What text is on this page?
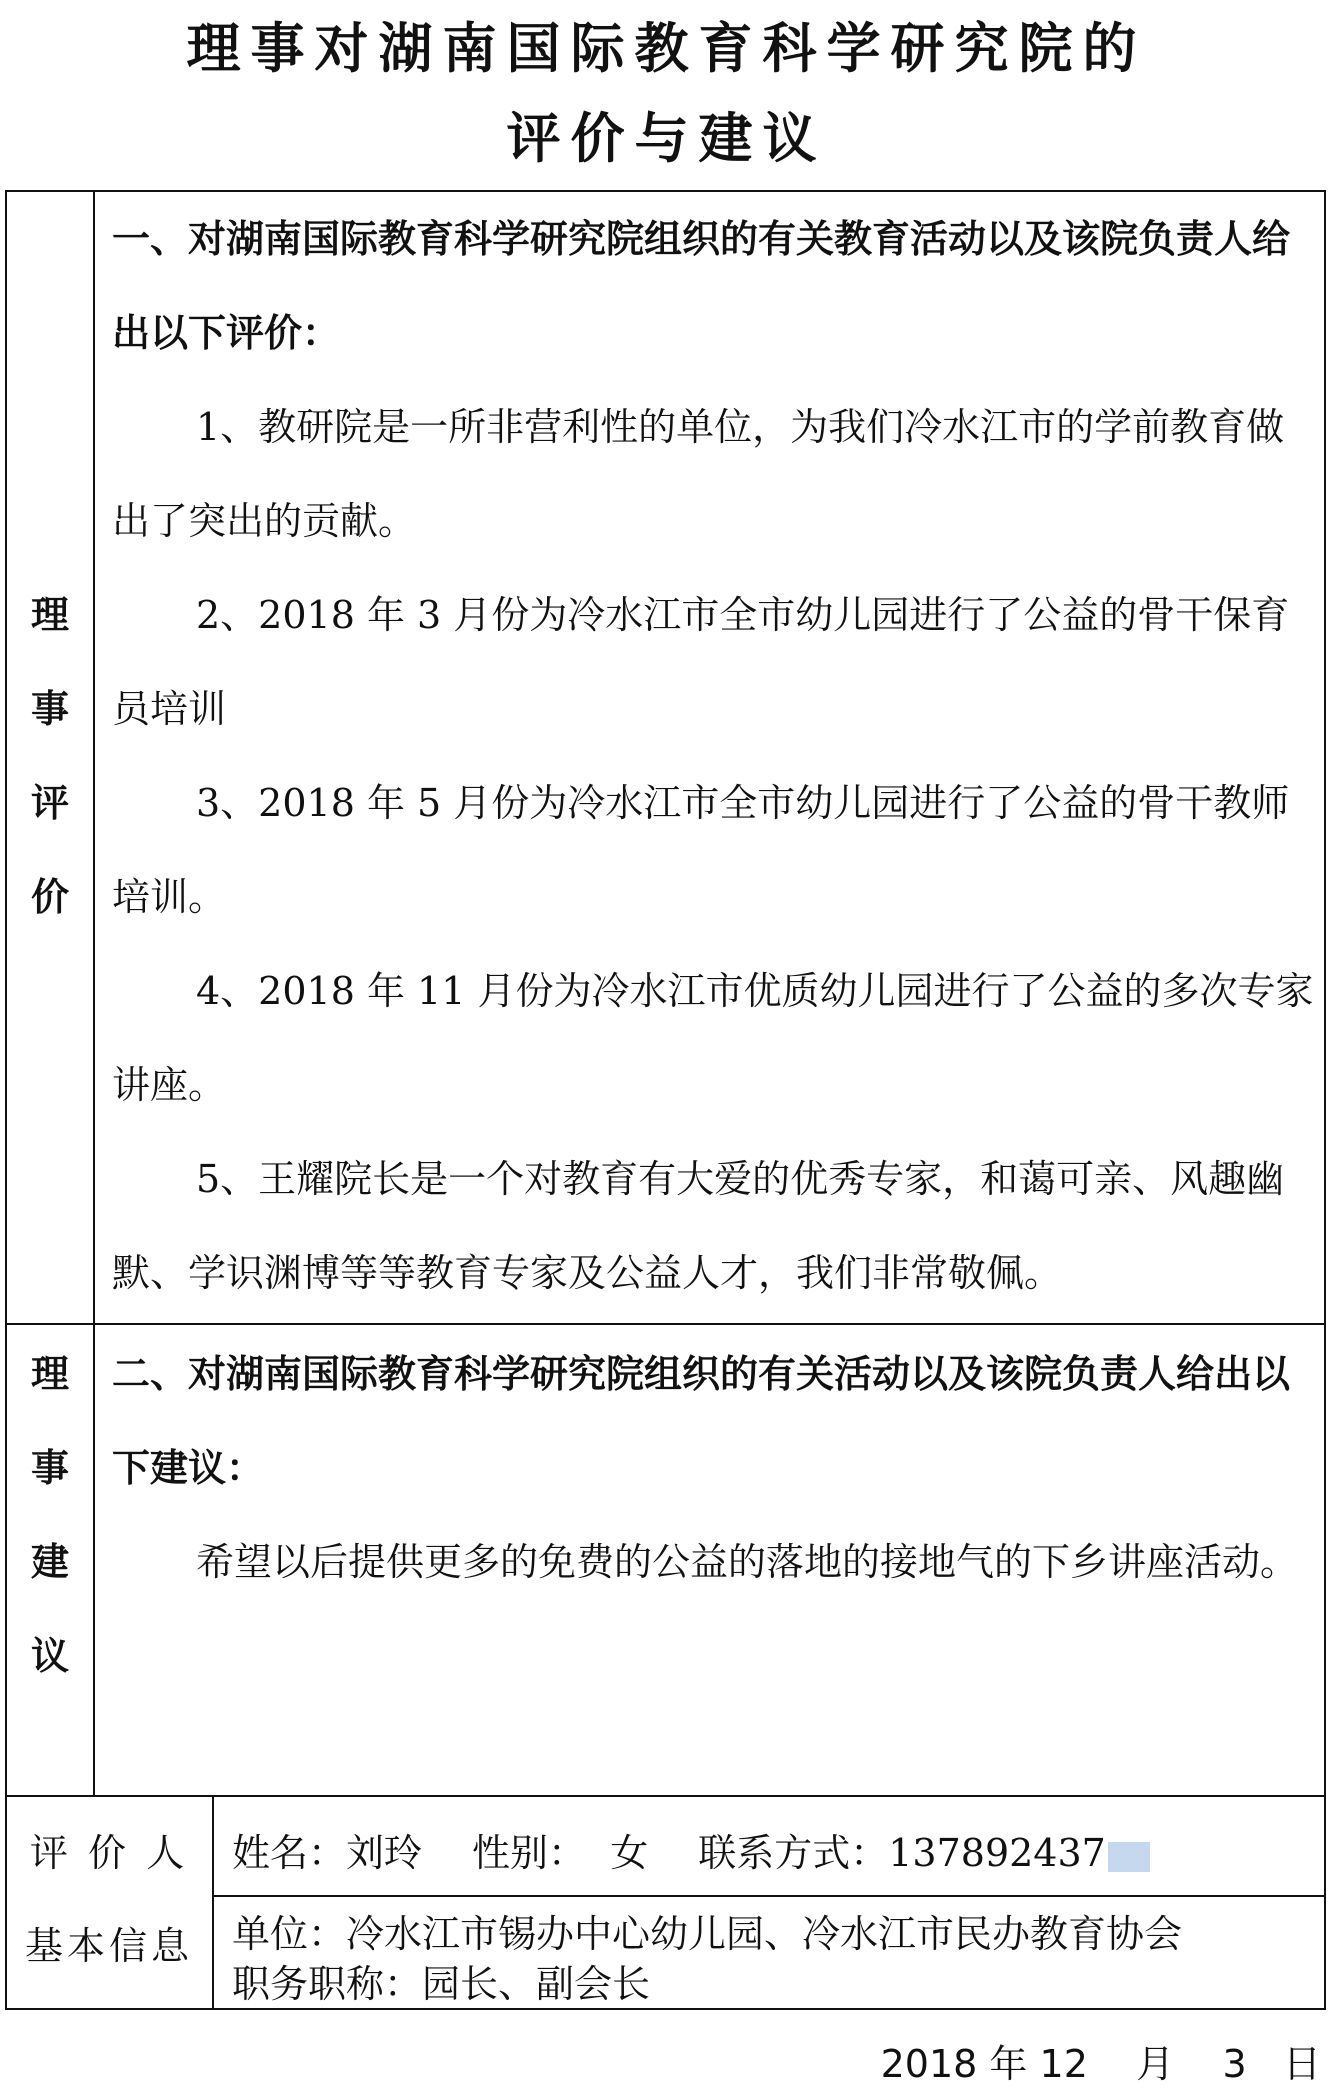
理事对湖南国际教育科学研究院的
评价与建议
理
事
评
价

一、对湖南国际教育科学研究院组织的有关教育活动以及该院负责人给出以下评价：

1、教研院是一所非营利性的单位，为我们冷水江市的学前教育做出了突出的贡献。

2、2018 年 3 月份为冷水江市全市幼儿园进行了公益的骨干保育员培训

3、2018 年 5 月份为冷水江市全市幼儿园进行了公益的骨干教师培训。

4、2018 年 11 月份为冷水江市优质幼儿园进行了公益的多次专家讲座。

5、王耀院长是一个对教育有大爱的优秀专家，和蔼可亲、风趣幽默、学识渊博等等教育专家及公益人才，我们非常敬佩。

理
事
建
议

二、对湖南国际教育科学研究院组织的有关活动以及该院负责人给出以下建议：

希望以后提供更多的免费的公益的落地的接地气的下乡讲座活动。

评 价 人
基本信息
姓名：刘玲 性别： 女 联系方式：137892437
单位：冷水江市锡办中心幼儿园、冷水江市民办教育协会
职务职称：园长、副会长
2018 年 12 月 3 日
